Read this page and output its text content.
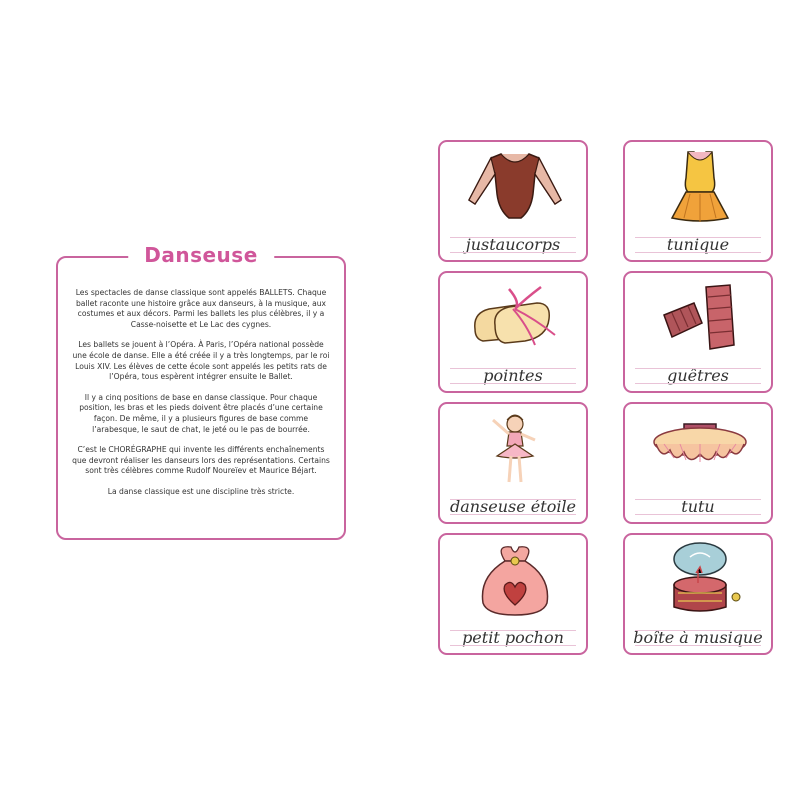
Danseuse

Les spectacles de danse classique sont appelés BALLETS. Chaque ballet raconte une histoire grâce aux danseurs, à la musique, aux costumes et aux décors. Parmi les ballets les plus célèbres, il y a Casse-noisette et Le Lac des cygnes.

Les ballets se jouent à l’Opéra. À Paris, l’Opéra national possède une école de danse. Elle a été créée il y a très longtemps, par le roi Louis XIV. Les élèves de cette école sont appelés les petits rats de l’Opéra, tous espèrent intégrer ensuite le Ballet.

Il y a cinq positions de base en danse classique. Pour chaque position, les bras et les pieds doivent être placés d’une certaine façon. De même, il y a plusieurs figures de base comme l’arabesque, le saut de chat, le jeté ou le pas de bourrée.

C’est le CHORÉGRAPHE qui invente les différents enchaînements que devront réaliser les danseurs lors des représentations. Certains sont très célèbres comme Rudolf Noureïev et Maurice Béjart.

La danse classique est une discipline très stricte.

justaucorps	tunique
pointes	guêtres
danseuse étoile	tutu
petit pochon	boîte à musique
